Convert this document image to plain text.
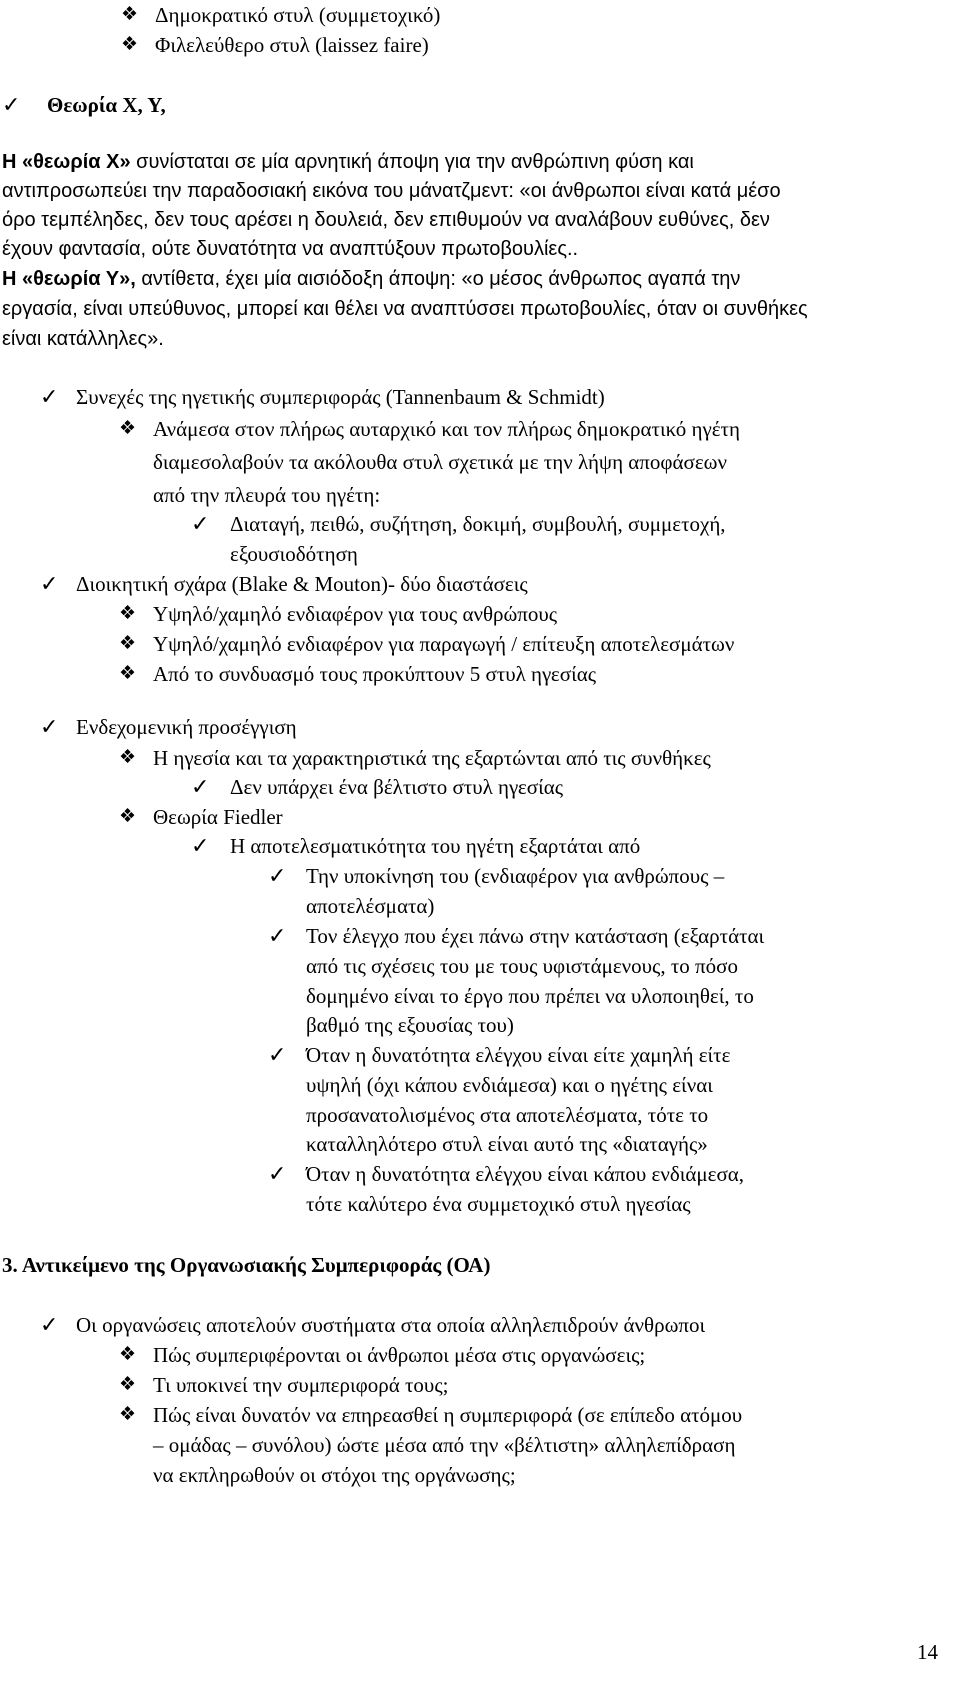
❖ Δημοκρατικό στυλ (συμμετοχικό)
❖ Φιλελεύθερο στυλ (laissez faire)
✓ Θεωρία Χ, Υ,
Η «θεωρία Χ» συνίσταται σε μία αρνητική άποψη για την ανθρώπινη φύση και
αντιπροσωπεύει την παραδοσιακή εικόνα του μάνατζμεντ: «οι άνθρωποι είναι κατά μέσο
όρο τεμπέληδες, δεν τους αρέσει η δουλειά, δεν επιθυμούν να αναλάβουν ευθύνες, δεν
έχουν φαντασία, ούτε δυνατότητα να αναπτύξουν πρωτοβουλίες..
Η «θεωρία Υ», αντίθετα, έχει μία αισιόδοξη άποψη: «ο μέσος άνθρωπος αγαπά την
εργασία, είναι υπεύθυνος, μπορεί και θέλει να αναπτύσσει πρωτοβουλίες, όταν οι συνθήκες
είναι κατάλληλες».
✓ Συνεχές της ηγετικής συμπεριφοράς (Tannenbaum & Schmidt)
❖ Ανάμεσα στον πλήρως αυταρχικό και τον πλήρως δημοκρατικό ηγέτη
διαμεσολαβούν τα ακόλουθα στυλ σχετικά με την λήψη αποφάσεων
από την πλευρά του ηγέτη:
✓ Διαταγή, πειθώ, συζήτηση, δοκιμή, συμβουλή, συμμετοχή,
εξουσιοδότηση
✓ Διοικητική σχάρα (Blake & Mouton)- δύο διαστάσεις
❖ Υψηλό/χαμηλό ενδιαφέρον για τους ανθρώπους
❖ Υψηλό/χαμηλό ενδιαφέρον για παραγωγή / επίτευξη αποτελεσμάτων
❖ Από το συνδυασμό τους προκύπτουν 5 στυλ ηγεσίας
✓ Ενδεχομενική προσέγγιση
❖ Η ηγεσία και τα χαρακτηριστικά της εξαρτώνται από τις συνθήκες
✓ Δεν υπάρχει ένα βέλτιστο στυλ ηγεσίας
❖ Θεωρία Fiedler
✓ Η αποτελεσματικότητα του ηγέτη εξαρτάται από
✓ Την υποκίνηση του (ενδιαφέρον για ανθρώπους –
αποτελέσματα)
✓ Τον έλεγχο που έχει πάνω στην κατάσταση (εξαρτάται
από τις σχέσεις του με τους υφιστάμενους, το πόσο
δομημένο είναι το έργο που πρέπει να υλοποιηθεί, το
βαθμό της εξουσίας του)
✓ Όταν η δυνατότητα ελέγχου είναι είτε χαμηλή είτε
υψηλή (όχι κάπου ενδιάμεσα) και ο ηγέτης είναι
προσανατολισμένος στα αποτελέσματα, τότε το
καταλληλότερο στυλ είναι αυτό της «διαταγής»
✓ Όταν η δυνατότητα ελέγχου είναι κάπου ενδιάμεσα,
τότε καλύτερο ένα συμμετοχικό στυλ ηγεσίας
3. Αντικείμενο της Οργανωσιακής Συμπεριφοράς (ΟΑ)
✓ Οι οργανώσεις αποτελούν συστήματα στα οποία αλληλεπιδρούν άνθρωποι
❖ Πώς συμπεριφέρονται οι άνθρωποι μέσα στις οργανώσεις;
❖ Τι υποκινεί την συμπεριφορά τους;
❖ Πώς είναι δυνατόν να επηρεασθεί η συμπεριφορά (σε επίπεδο ατόμου
– ομάδας – συνόλου) ώστε μέσα από την «βέλτιστη» αλληλεπίδραση
να εκπληρωθούν οι στόχοι της οργάνωσης;
14
